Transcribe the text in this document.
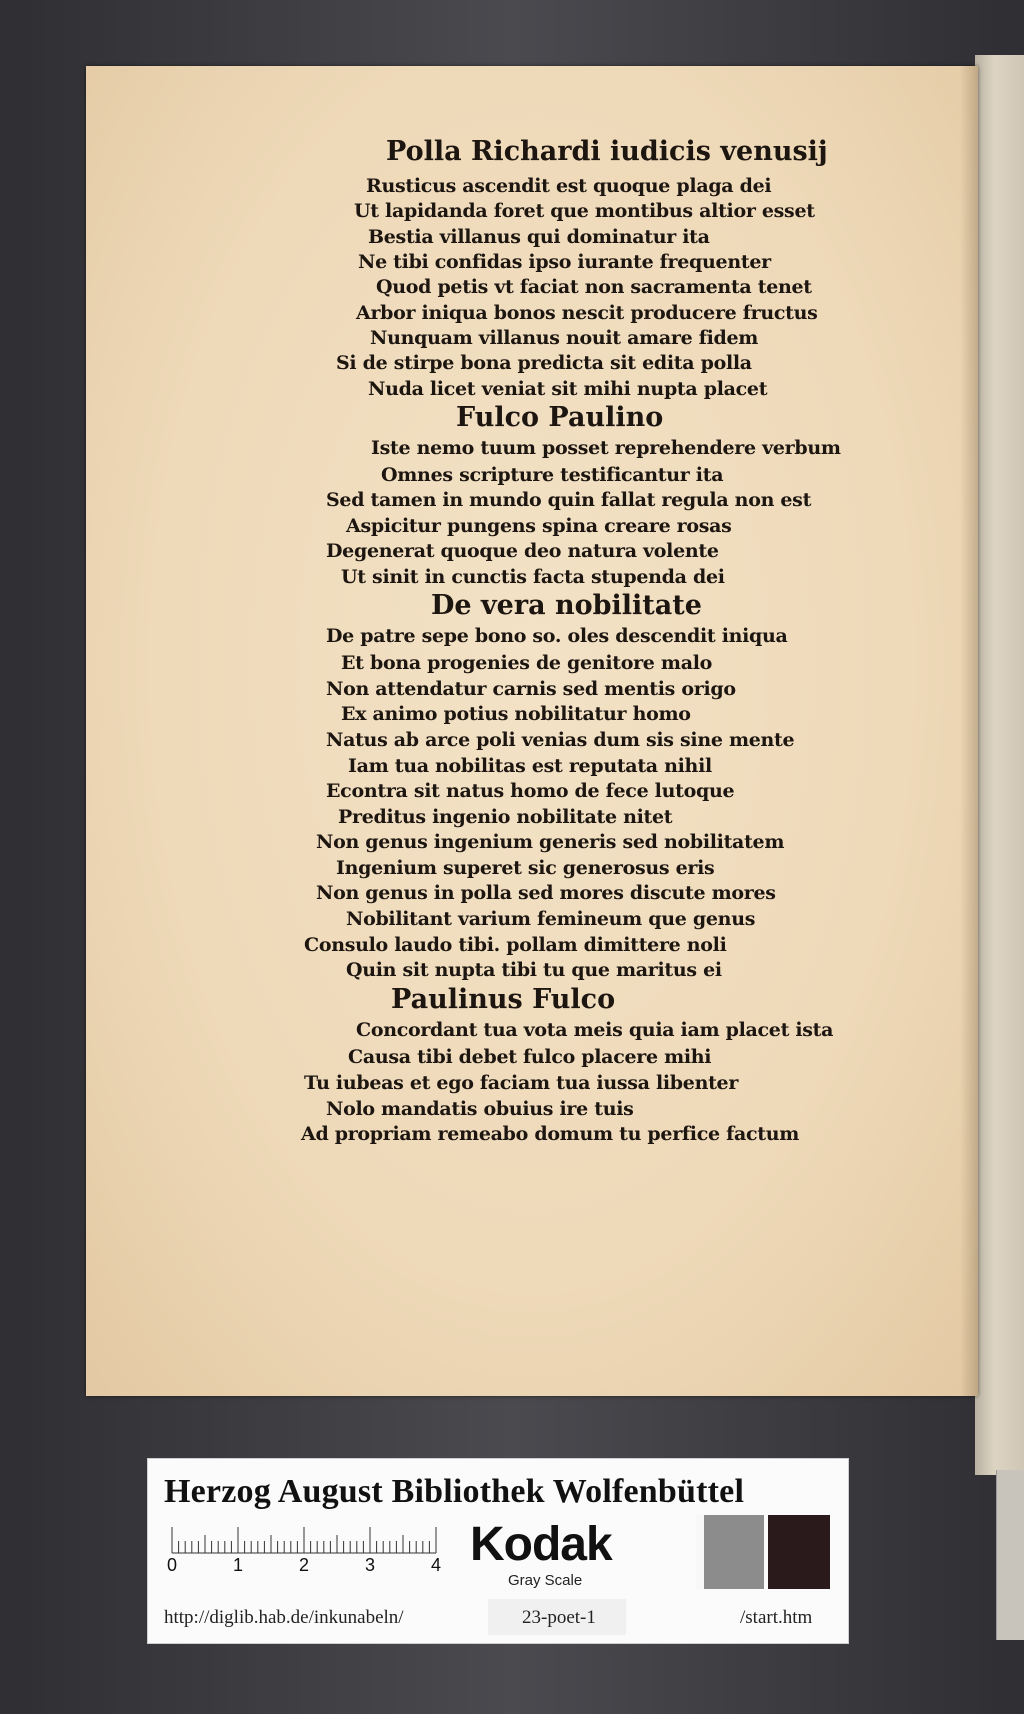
Polla Richardi iudicis venusij
Rusticus ascendit est quoque plaga dei
Ut lapidanda foret que montibus altior esset
Bestia villanus qui dominatur ita
Ne tibi confidas ipso iurante frequenter
Quod petis vt faciat non sacramenta tenet
Arbor iniqua bonos nescit producere fructus
Nunquam villanus nouit amare fidem
Si de stirpe bona predicta sit edita polla
Nuda licet veniat sit mihi nupta placet
Fulco Paulino
Iste nemo tuum posset reprehendere verbum
Omnes scripture testificantur ita
Sed tamen in mundo quin fallat regula non est
Aspicitur pungens spina creare rosas
Degenerat quoque deo natura volente
Ut sinit in cunctis facta stupenda dei
De vera nobilitate
De patre sepe bono so. oles descendit iniqua
Et bona progenies de genitore malo
Non attendatur carnis sed mentis origo
Ex animo potius nobilitatur homo
Natus ab arce poli venias dum sis sine mente
Iam tua nobilitas est reputata nihil
Econtra sit natus homo de fece lutoque
Preditus ingenio nobilitate nitet
Non genus ingenium generis sed nobilitatem
Ingenium superet sic generosus eris
Non genus in polla sed mores discute mores
Nobilitant varium femineum que genus
Consulo laudo tibi. pollam dimittere noli
Quin sit nupta tibi tu que maritus ei
Paulinus Fulco
Concordant tua vota meis quia iam placet ista
Causa tibi debet fulco placere mihi
Tu iubeas et ego faciam tua iussa libenter
Nolo mandatis obuius ire tuis
Ad propriam remeabo domum tu perfice factum
Herzog August Bibliothek Wolfenbüttel
0	1	2	3	4 Kodak
Gray Scale
http://diglib.hab.de/inkunabeln/	23-poet-1	/start.htm
